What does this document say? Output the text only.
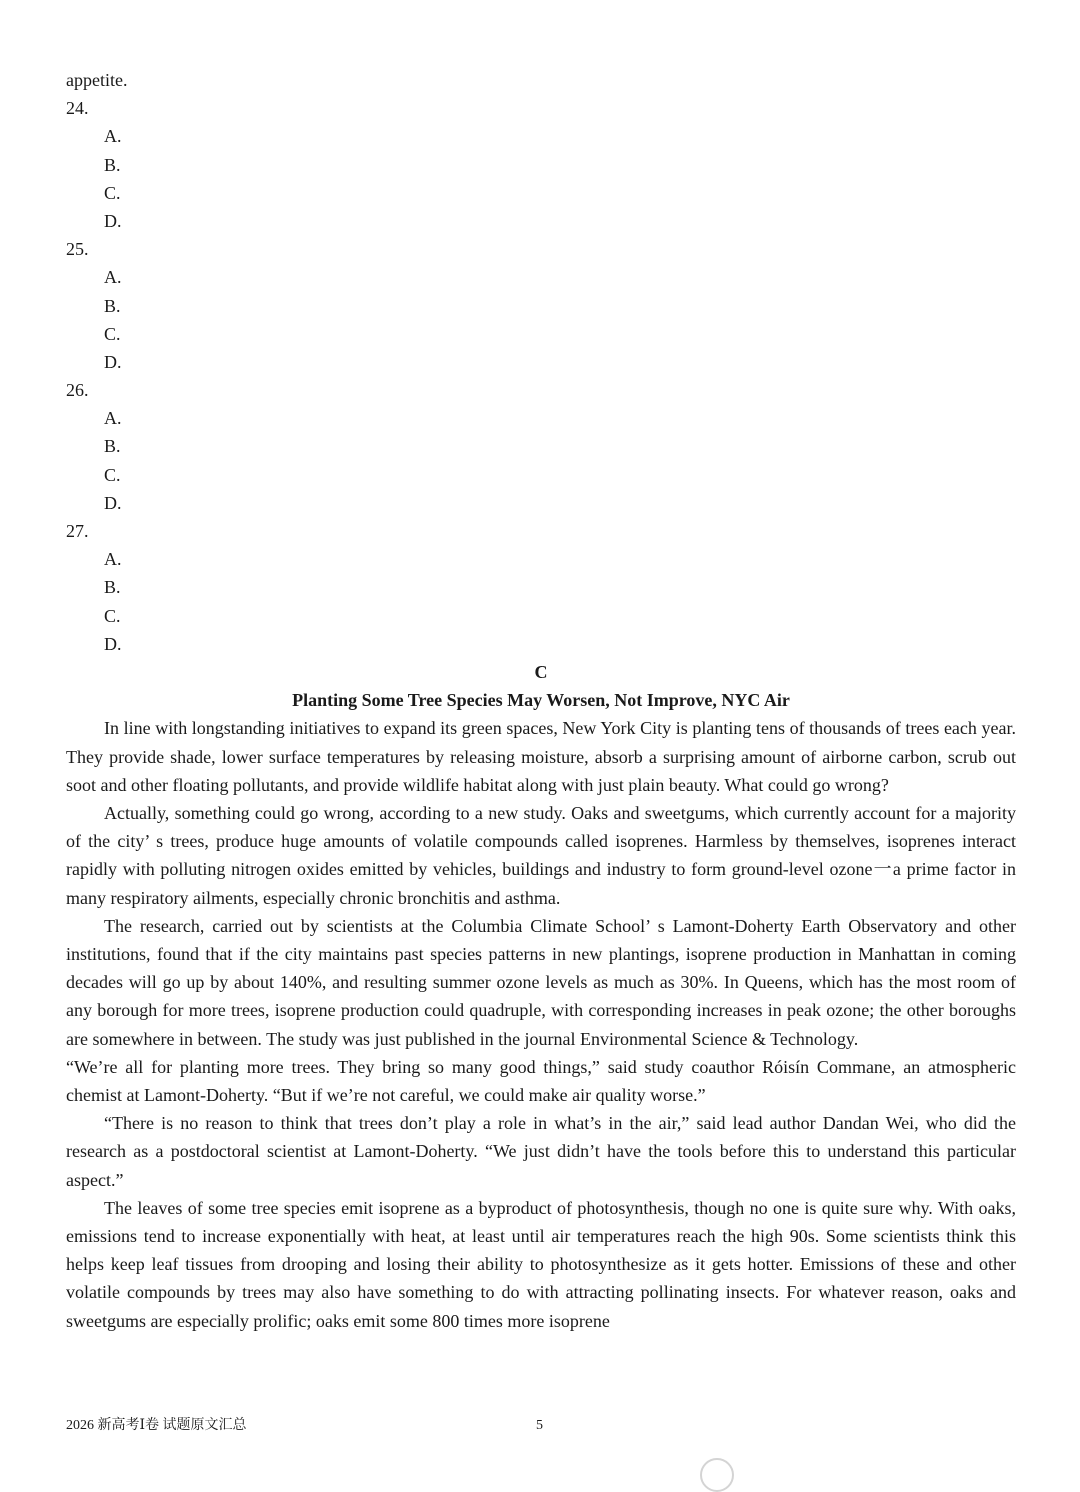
appetite.
24.
A.
B.
C.
D.
25.
A.
B.
C.
D.
26.
A.
B.
C.
D.
27.
A.
B.
C.
D.
C
Planting Some Tree Species May Worsen, Not Improve, NYC Air

In line with longstanding initiatives to expand its green spaces, New York City is planting tens of thousands of trees each year. They provide shade, lower surface temperatures by releasing moisture, absorb a surprising amount of airborne carbon, scrub out soot and other floating pollutants, and provide wildlife habitat along with just plain beauty. What could go wrong?

Actually, something could go wrong, according to a new study. Oaks and sweetgums, which currently account for a majority of the city’ s trees, produce huge amounts of volatile compounds called isoprenes. Harmless by themselves, isoprenes interact rapidly with polluting nitrogen oxides emitted by vehicles, buildings and industry to form ground-level ozone一a prime factor in many respiratory ailments, especially chronic bronchitis and asthma.

The research, carried out by scientists at the Columbia Climate School’ s Lamont-Doherty Earth Observatory and other institutions, found that if the city maintains past species patterns in new plantings, isoprene production in Manhattan in coming decades will go up by about 140%, and resulting summer ozone levels as much as 30%. In Queens, which has the most room of any borough for more trees, isoprene production could quadruple, with corresponding increases in peak ozone; the other boroughs are somewhere in between. The study was just published in the journal Environmental Science & Technology.

“We’re all for planting more trees. They bring so many good things,” said study coauthor Róisín Commane, an atmospheric chemist at Lamont-Doherty. “But if we’re not careful, we could make air quality worse.”

“There is no reason to think that trees don’t play a role in what’s in the air,” said lead author Dandan Wei, who did the research as a postdoctoral scientist at Lamont-Doherty. “We just didn’t have the tools before this to understand this particular aspect.”

The leaves of some tree species emit isoprene as a byproduct of photosynthesis, though no one is quite sure why. With oaks, emissions tend to increase exponentially with heat, at least until air temperatures reach the high 90s. Some scientists think this helps keep leaf tissues from drooping and losing their ability to photosynthesize as it gets hotter. Emissions of these and other volatile compounds by trees may also have something to do with attracting pollinating insects. For whatever reason, oaks and sweetgums are especially prolific; oaks emit some 800 times more isoprene

2026 新高考Ⅰ卷 试题原文汇总	5
